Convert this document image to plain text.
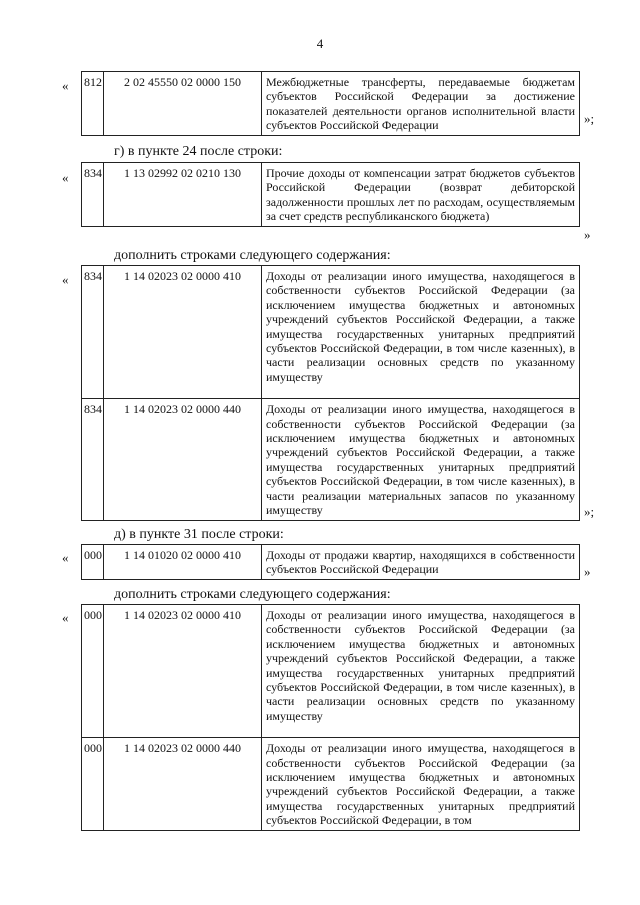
4
« 812	2 02 45550 02 0000 150	Межбюджетные трансферты, передаваемые бюджетам субъектов Российской Федерации за достижение показателей деятельности органов исполнительной власти субъектов Российской Федерации	»;
г) в пункте 24 после строки:
« 834	1 13 02992 02 0210 130	Прочие доходы от компенсации затрат бюджетов субъектов Российской Федерации (возврат дебиторской задолженности прошлых лет по расходам, осуществляемым за счет средств республиканского бюджета)
»
дополнить строками следующего содержания:
« 834	1 14 02023 02 0000 410	Доходы от реализации иного имущества, находящегося в собственности субъектов Российской Федерации (за исключением имущества бюджетных и автономных учреждений субъектов Российской Федерации, а также имущества государственных унитарных предприятий субъектов Российской Федерации, в том числе казенных), в части реализации основных средств по указанному имуществу
834	1 14 02023 02 0000 440	Доходы от реализации иного имущества, находящегося в собственности субъектов Российской Федерации (за исключением имущества бюджетных и автономных учреждений субъектов Российской Федерации, а также имущества государственных унитарных предприятий субъектов Российской Федерации, в том числе казенных), в части реализации материальных запасов по указанному имуществу	»;
д) в пункте 31 после строки:
« 000	1 14 01020 02 0000 410	Доходы от продажи квартир, находящихся в собственности субъектов Российской Федерации	»
дополнить строками следующего содержания:
« 000	1 14 02023 02 0000 410	Доходы от реализации иного имущества, находящегося в собственности субъектов Российской Федерации (за исключением имущества бюджетных и автономных учреждений субъектов Российской Федерации, а также имущества государственных унитарных предприятий субъектов Российской Федерации, в том числе казенных), в части реализации основных средств по указанному имуществу
000	1 14 02023 02 0000 440	Доходы от реализации иного имущества, находящегося в собственности субъектов Российской Федерации (за исключением имущества бюджетных и автономных учреждений субъектов Российской Федерации, а также имущества государственных унитарных предприятий субъектов Российской Федерации, в том
